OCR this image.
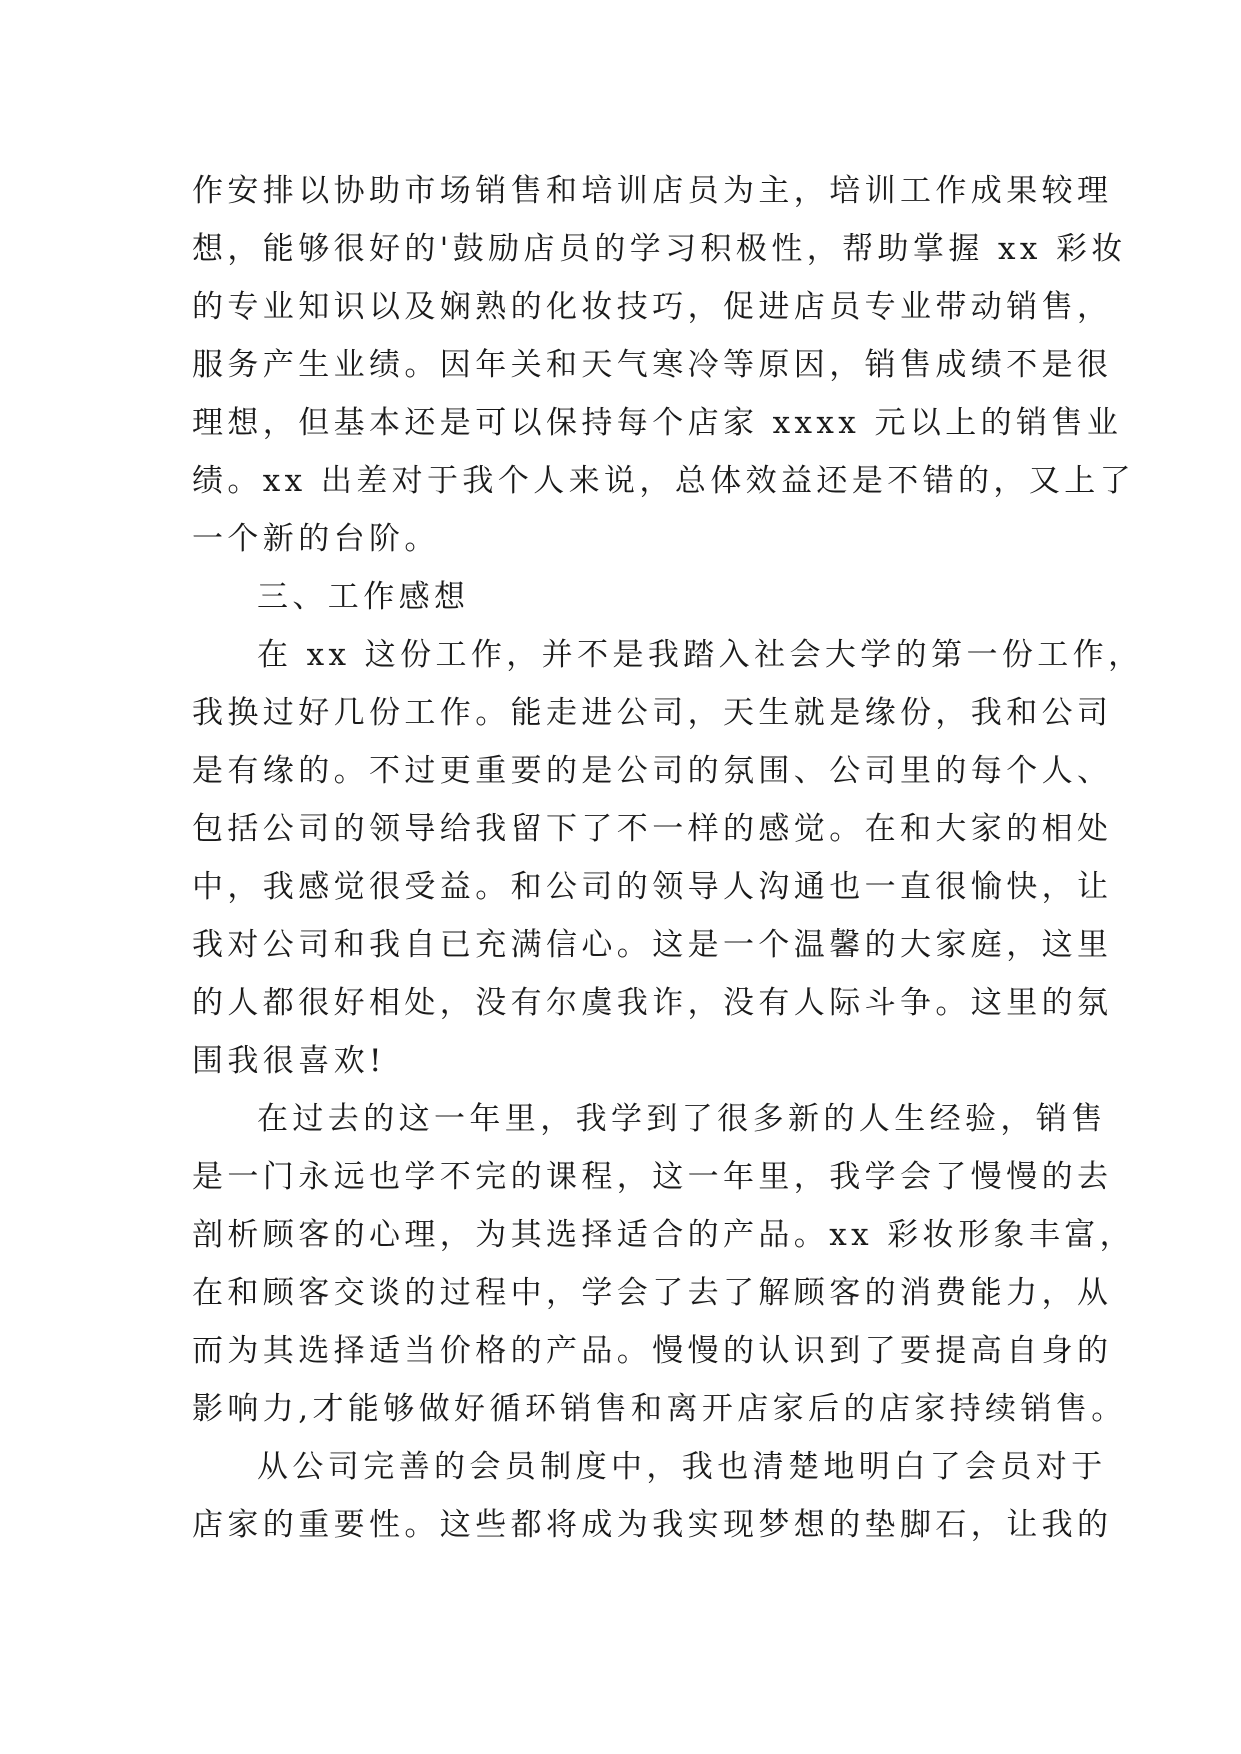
作安排以协助市场销售和培训店员为主，培训工作成果较理
想，能够很好的'鼓励店员的学习积极性，帮助掌握 xx 彩妆
的专业知识以及娴熟的化妆技巧，促进店员专业带动销售，
服务产生业绩。因年关和天气寒冷等原因，销售成绩不是很
理想，但基本还是可以保持每个店家 xxxx 元以上的销售业
绩。xx 出差对于我个人来说，总体效益还是不错的，又上了
一个新的台阶。
三、工作感想
在 xx 这份工作，并不是我踏入社会大学的第一份工作，
我换过好几份工作。能走进公司，天生就是缘份，我和公司
是有缘的。不过更重要的是公司的氛围、公司里的每个人、
包括公司的领导给我留下了不一样的感觉。在和大家的相处
中，我感觉很受益。和公司的领导人沟通也一直很愉快，让
我对公司和我自已充满信心。这是一个温馨的大家庭，这里
的人都很好相处，没有尔虞我诈，没有人际斗争。这里的氛
围我很喜欢!
在过去的这一年里，我学到了很多新的人生经验，销售
是一门永远也学不完的课程，这一年里，我学会了慢慢的去
剖析顾客的心理，为其选择适合的产品。xx 彩妆形象丰富，
在和顾客交谈的过程中，学会了去了解顾客的消费能力，从
而为其选择适当价格的产品。慢慢的认识到了要提高自身的
影响力,才能够做好循环销售和离开店家后的店家持续销售。
从公司完善的会员制度中，我也清楚地明白了会员对于
店家的重要性。这些都将成为我实现梦想的垫脚石，让我的
